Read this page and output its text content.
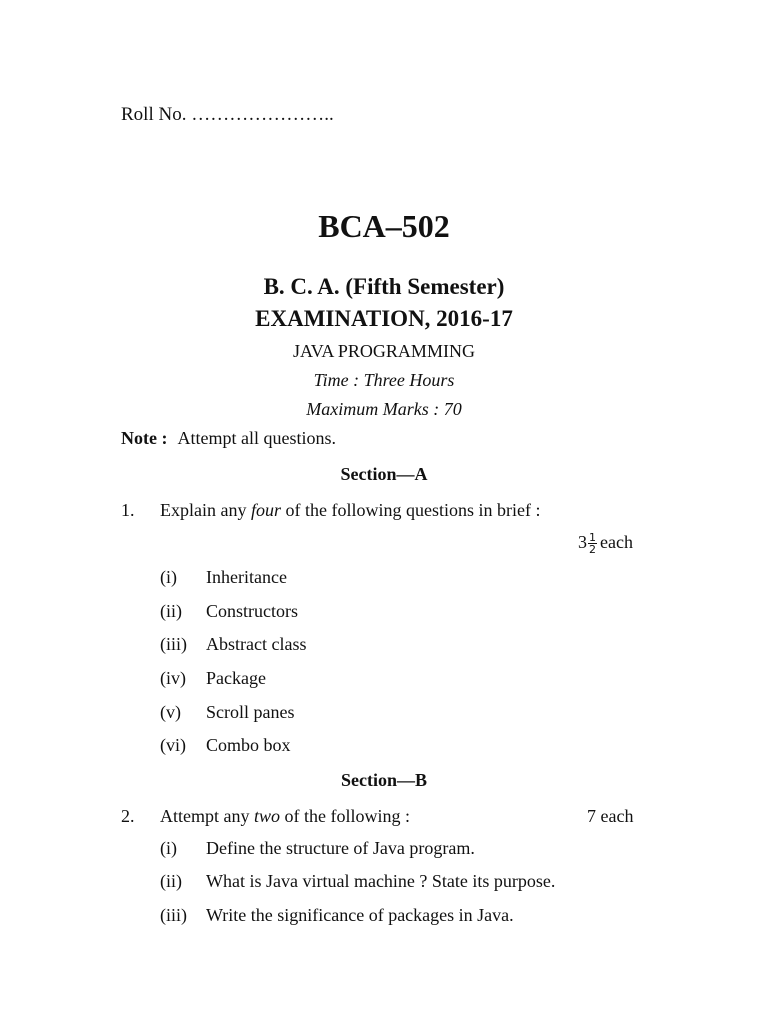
Roll No. …………………..
BCA–502
B. C. A. (Fifth Semester)
EXAMINATION, 2016-17
JAVA PROGRAMMING
Time : Three Hours
Maximum Marks : 70
Note : Attempt all questions.
Section—A
1. Explain any four of the following questions in brief :
$3 \frac{1}{2}$ each
(i) Inheritance
(ii) Constructors
(iii) Abstract class
(iv) Package
(v) Scroll panes
(vi) Combo box
Section—B
2. Attempt any two of the following :	7 each
(i) Define the structure of Java program.
(ii) What is Java virtual machine ? State its purpose.
(iii) Write the significance of packages in Java.
